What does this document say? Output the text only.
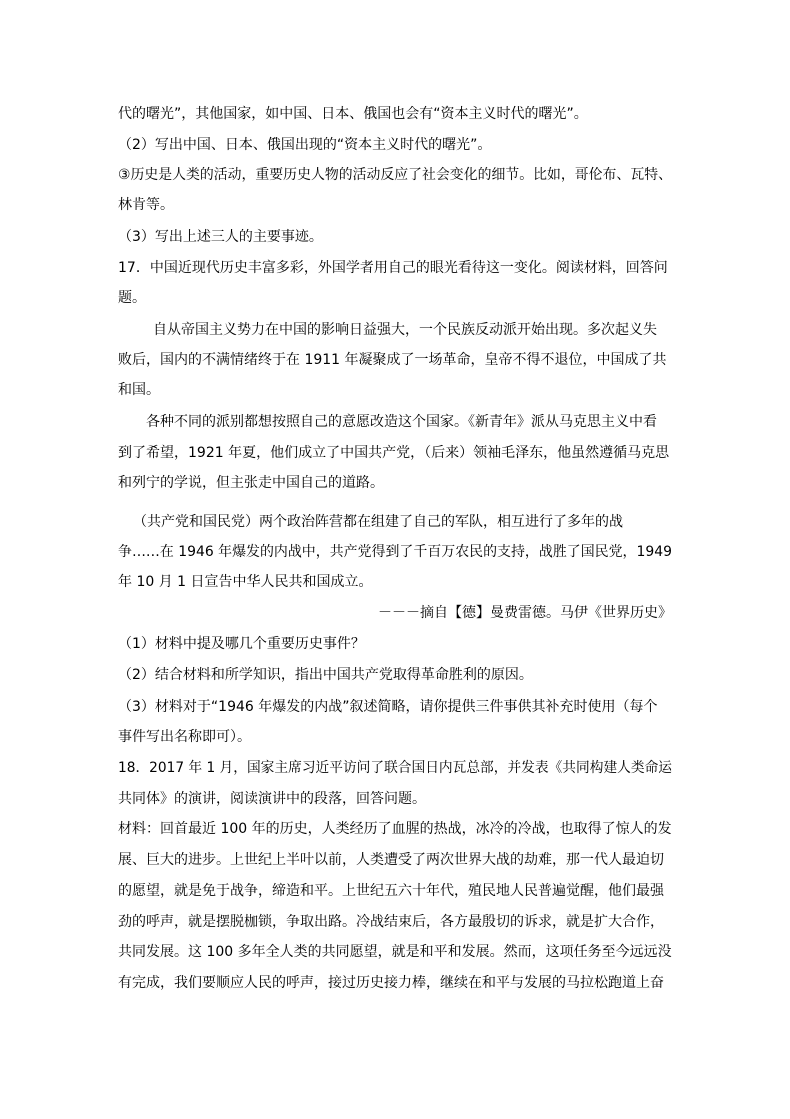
代的曙光”，其他国家，如中国、日本、俄国也会有“资本主义时代的曙光”。
（2）写出中国、日本、俄国出现的“资本主义时代的曙光”。
③历史是人类的活动，重要历史人物的活动反应了社会变化的细节。比如，哥伦布、瓦特、
林肯等。
（3）写出上述三人的主要事迹。
17．中国近现代历史丰富多彩，外国学者用自己的眼光看待这一变化。阅读材料，回答问
题。
自从帝国主义势力在中国的影响日益强大，一个民族反动派开始出现。多次起义失
败后，国内的不满情绪终于在 1911 年凝聚成了一场革命，皇帝不得不退位，中国成了共
和国。
各种不同的派别都想按照自己的意愿改造这个国家。《新青年》派从马克思主义中看
到了希望，1921 年夏，他们成立了中国共产党，（后来）领袖毛泽东，他虽然遵循马克思
和列宁的学说，但主张走中国自己的道路。
（共产党和国民党）两个政治阵营都在组建了自己的军队，相互进行了多年的战
争……在 1946 年爆发的内战中，共产党得到了千百万农民的支持，战胜了国民党，1949
年 10 月 1 日宣告中华人民共和国成立。
－－－摘自【德】曼费雷德。马伊《世界历史》
（1）材料中提及哪几个重要历史事件？
（2）结合材料和所学知识，指出中国共产党取得革命胜利的原因。
（3）材料对于“1946 年爆发的内战”叙述简略，请你提供三件事供其补充时使用（每个
事件写出名称即可）。
18．2017 年 1 月，国家主席习近平访问了联合国日内瓦总部，并发表《共同构建人类命运
共同体》的演讲，阅读演讲中的段落，回答问题。
材料：回首最近 100 年的历史，人类经历了血腥的热战，冰冷的冷战，也取得了惊人的发
展、巨大的进步。上世纪上半叶以前，人类遭受了两次世界大战的劫难，那一代人最迫切
的愿望，就是免于战争，缔造和平。上世纪五六十年代，殖民地人民普遍觉醒，他们最强
劲的呼声，就是摆脱枷锁，争取出路。冷战结束后，各方最殷切的诉求，就是扩大合作，
共同发展。这 100 多年全人类的共同愿望，就是和平和发展。然而，这项任务至今远远没
有完成，我们要顺应人民的呼声，接过历史接力棒，继续在和平与发展的马拉松跑道上奋
